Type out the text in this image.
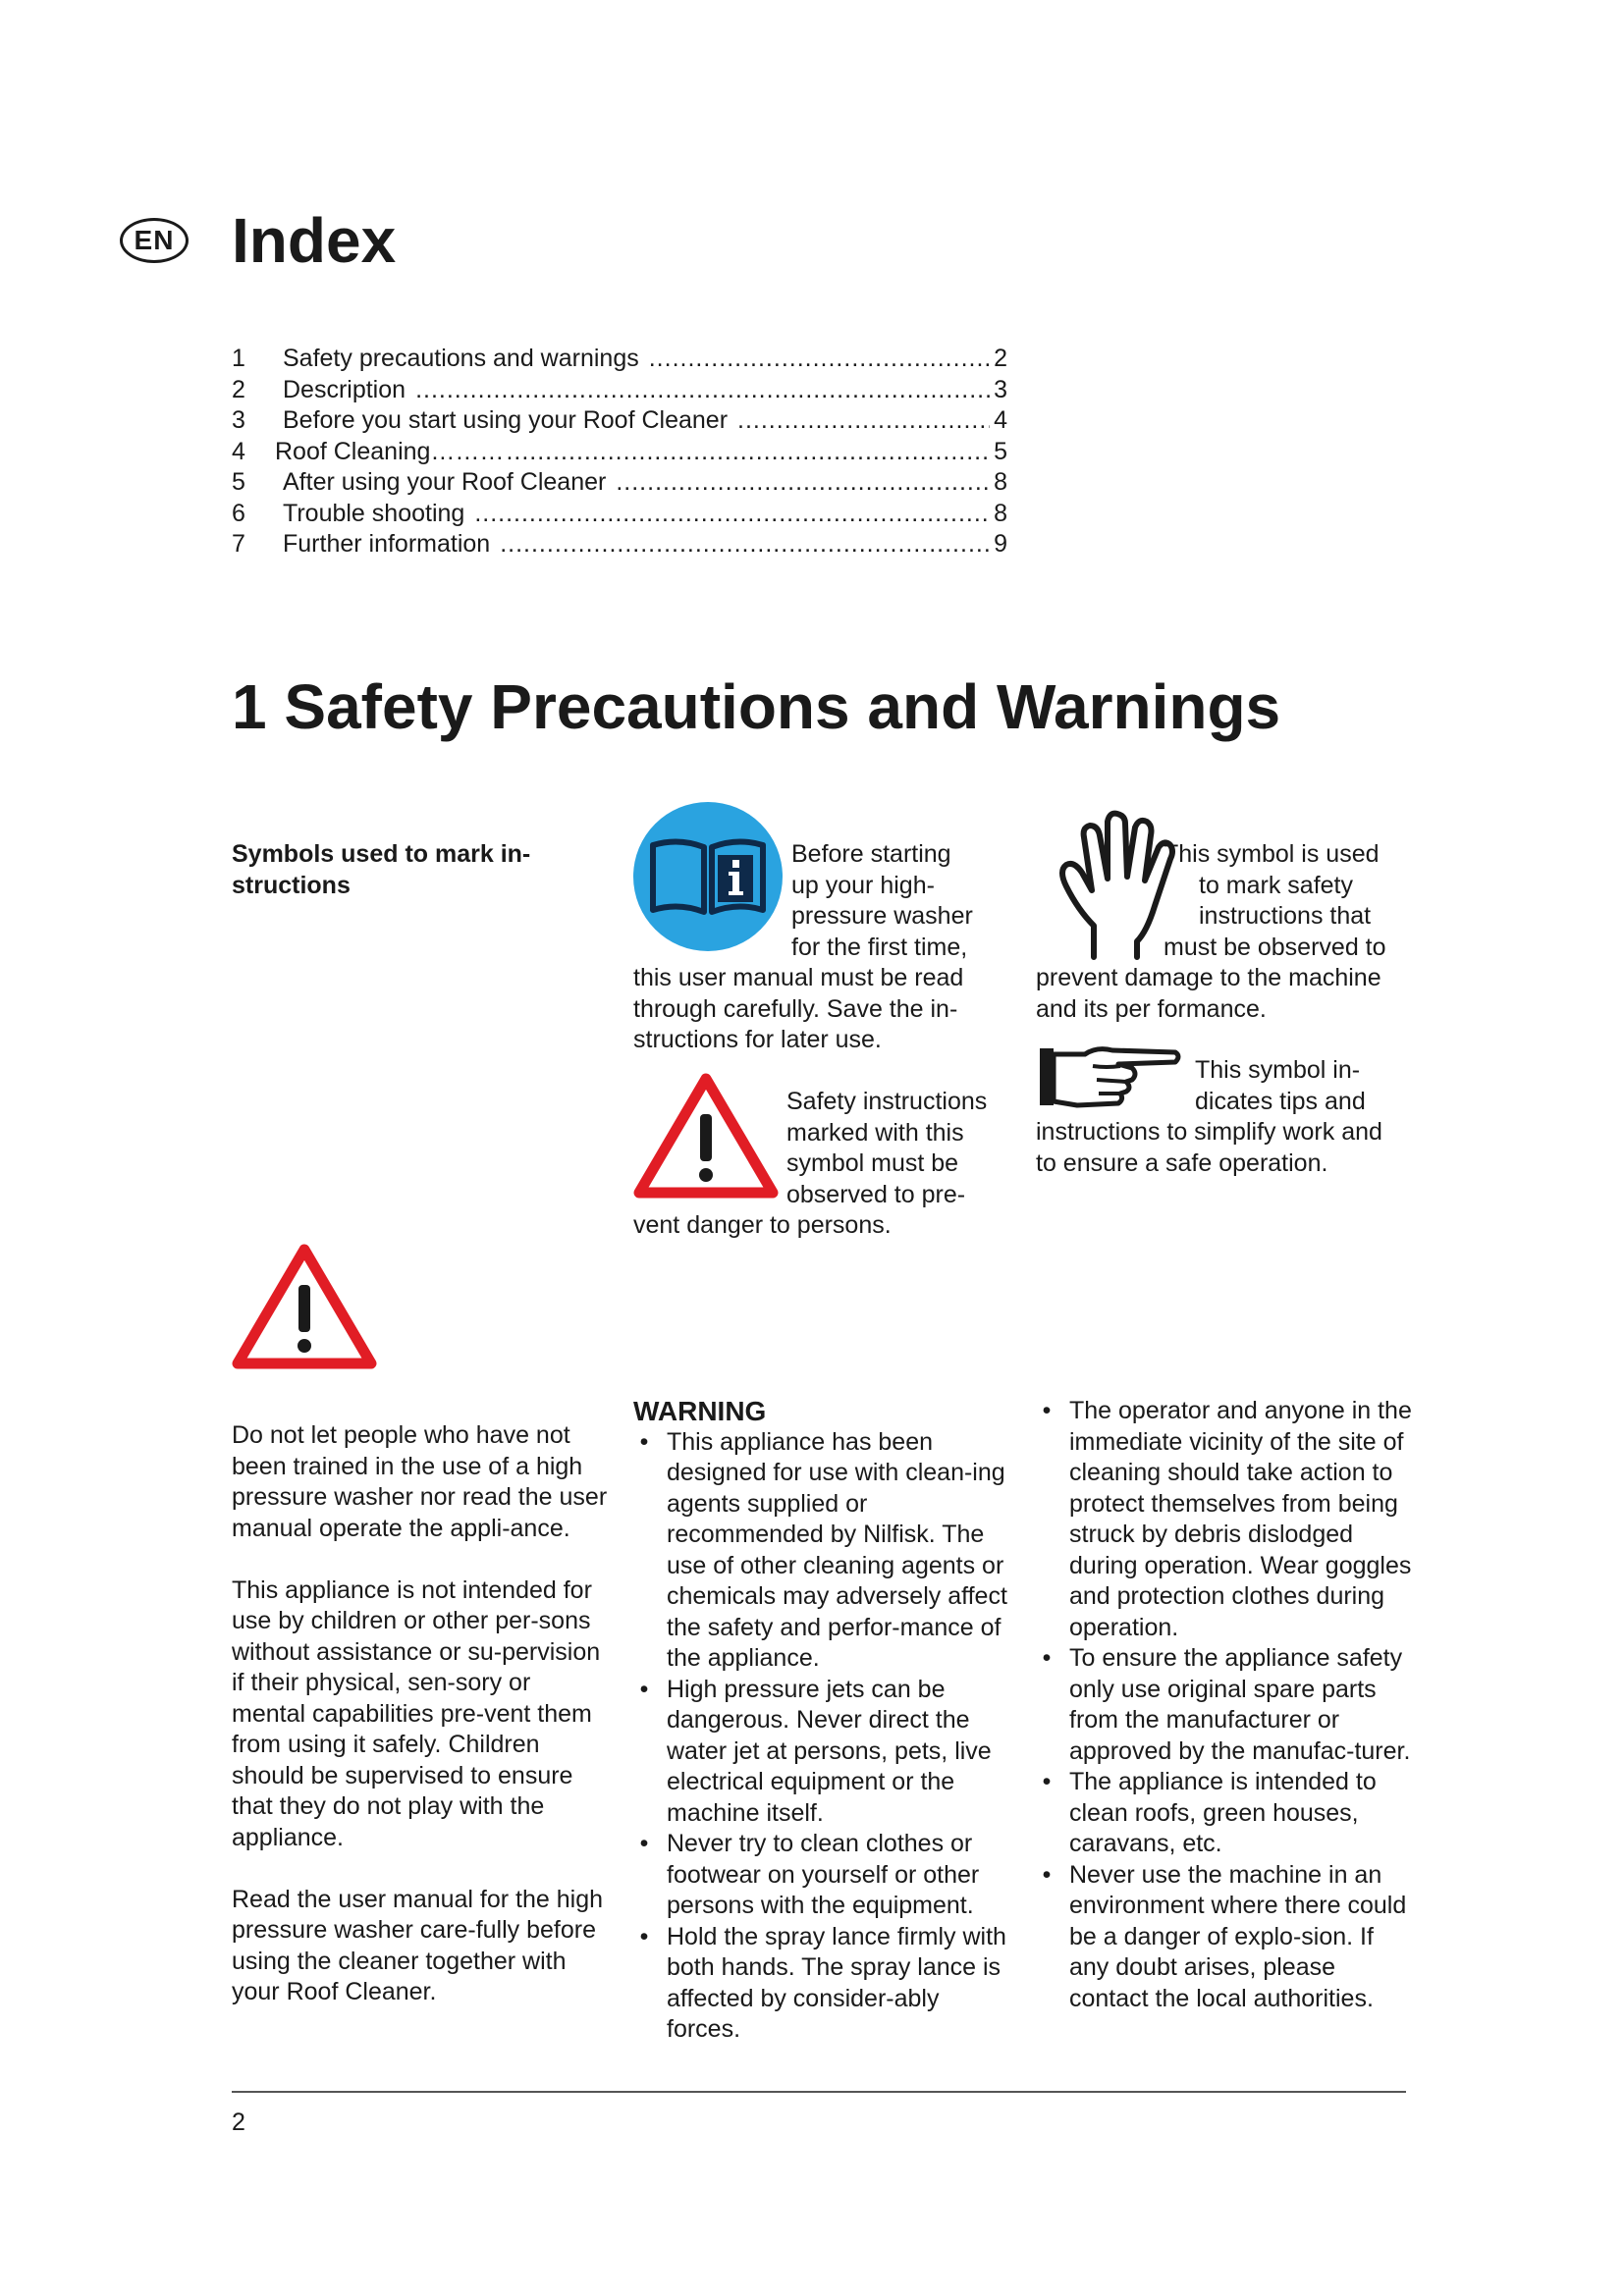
EN Index
1	Safety precautions and warnings .....	2
2	Description .....	3
3	Before you start using your Roof Cleaner .....	4
4	Roof Cleaning……… .....	5
5	After using your Roof Cleaner .....	8
6	Trouble shooting .....	8
7	Further information .....	9
1 Safety Precautions and Warnings
Symbols used to mark in-structions
Before starting
up your high-
pressure washer
for the first time,
this user manual must be read
through carefully. Save the in-
structions for later use.
Safety instructions
marked with this
symbol must be
observed to pre-
vent danger to persons.
This symbol is used
to mark safety
instructions that
must be observed to
prevent damage to the machine
and its per formance.
This symbol in-
dicates tips and
instructions to simplify work and
to ensure a safe operation.

Do not let people who have not been trained in the use of a high pressure washer nor read the user manual operate the appli-ance.

This appliance is not intended for use by children or other per-sons without assistance or su-pervision if their physical, sen-sory or mental capabilities pre-vent them from using it safely. Children should be supervised to ensure that they do not play with the appliance.

Read the user manual for the high pressure washer care-fully before using the cleaner together with your Roof Cleaner.

WARNING
• This appliance has been designed for use with clean-ing agents supplied or recommended by Nilfisk. The use of other cleaning agents or chemicals may adversely affect the safety and perfor-mance of the appliance.
• High pressure jets can be dangerous. Never direct the water jet at persons, pets, live electrical equipment or the machine itself.
• Never try to clean clothes or footwear on yourself or other persons with the equipment.
• Hold the spray lance firmly with both hands. The spray lance is affected by consider-ably forces.
• The operator and anyone in the immediate vicinity of the site of cleaning should take action to protect themselves from being struck by debris dislodged during operation. Wear goggles and protection clothes during operation.
• To ensure the appliance safety only use original spare parts from the manufacturer or approved by the manufac-turer.
• The appliance is intended to clean roofs, green houses, caravans, etc.
• Never use the machine in an environment where there could be a danger of explo-sion. If any doubt arises, please contact the local authorities.
2
